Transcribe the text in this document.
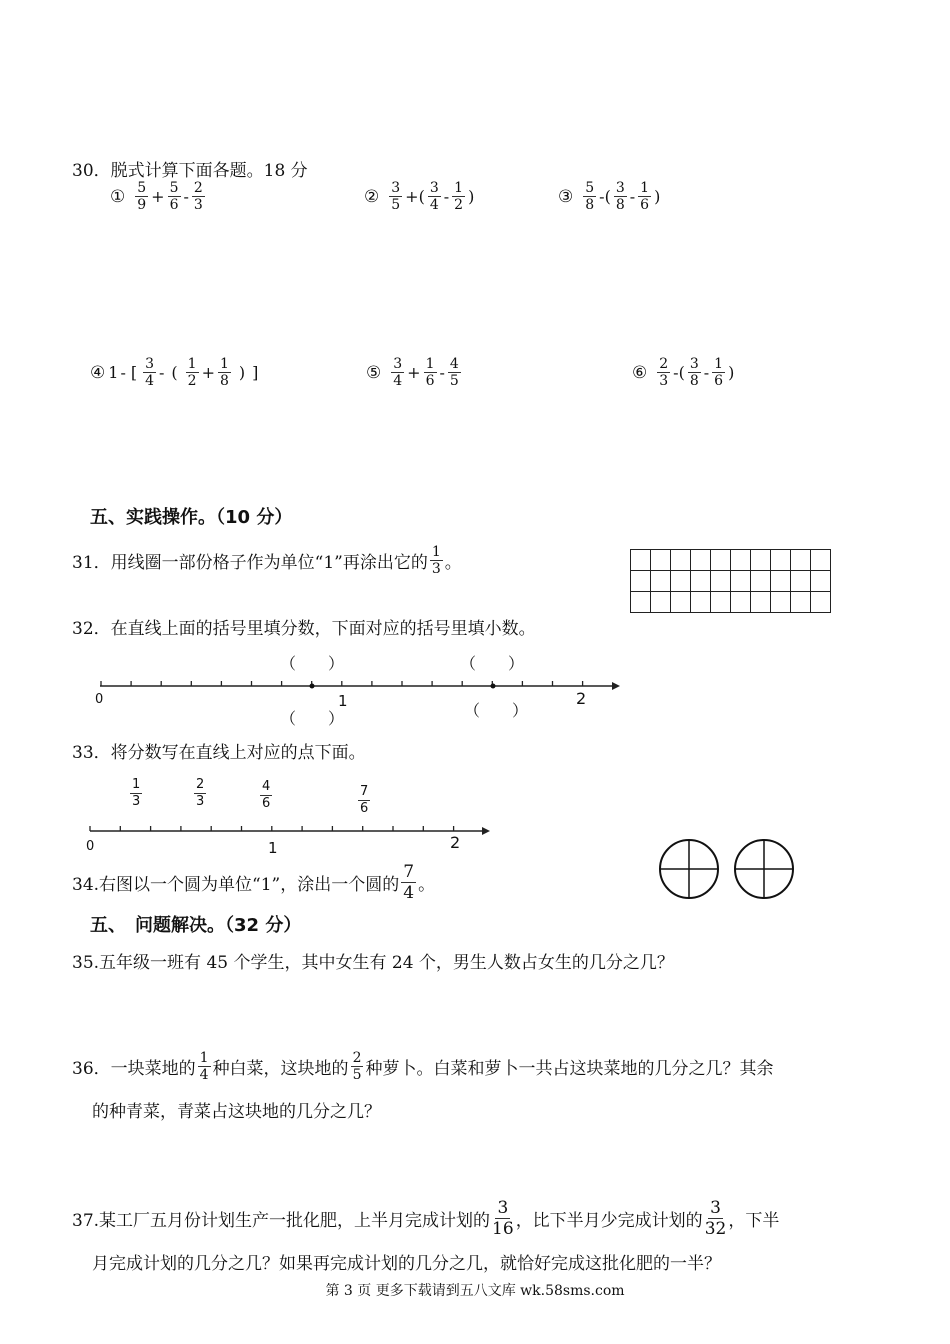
30．脱式计算下面各题。18 分
① $\frac{5}{9} + \frac{5}{6} - \frac{2}{3}$	② $\frac{3}{5}$ +( $\frac{3}{4} - \frac{1}{2}$ )	③ $\frac{5}{8}$ -( $\frac{3}{8} - \frac{1}{6}$ )
④ 1 - [ $\frac{3}{4}$ - ( $\frac{1}{2} + \frac{1}{8}$ ) ]	⑤ $\frac{3}{4} + \frac{1}{6} - \frac{4}{5}$	⑥ $\frac{2}{3}$ -( $\frac{3}{8} - \frac{1}{6}$ )
五、实践操作。（10 分）
31．用线圈一部份格子作为单位“1”再涂出它的 $\frac{1}{3}$ 。

32．在直线上面的括号里填分数，下面对应的括号里填小数。
（　　）	（　　）
（　　）	（　　）
0	1	2
33．将分数写在直线上对应的点下面。
$\frac{1}{3}$	$\frac{2}{3}$	$\frac{4}{6}$	$\frac{7}{6}$
0	1	2
34.右图以一个圆为单位“1”，涂出一个圆的 $\frac{7}{4}$ 。
五、　问题解决。（32 分）
35.五年级一班有 45 个学生，其中女生有 24 个，男生人数占女生的几分之几？
36．一块菜地的 $\frac{1}{4}$ 种白菜，这块地的 $\frac{2}{5}$ 种萝卜。白菜和萝卜一共占这块菜地的几分之几？其余
的种青菜，青菜占这块地的几分之几？
37.某工厂五月份计划生产一批化肥，上半月完成计划的 $\frac{3}{16}$ ，比下半月少完成计划的 $\frac{3}{32}$ ，下半
月完成计划的几分之几？如果再完成计划的几分之几，就恰好完成这批化肥的一半？
第 3 页 更多下载请到五八文库 wk.58sms.com
